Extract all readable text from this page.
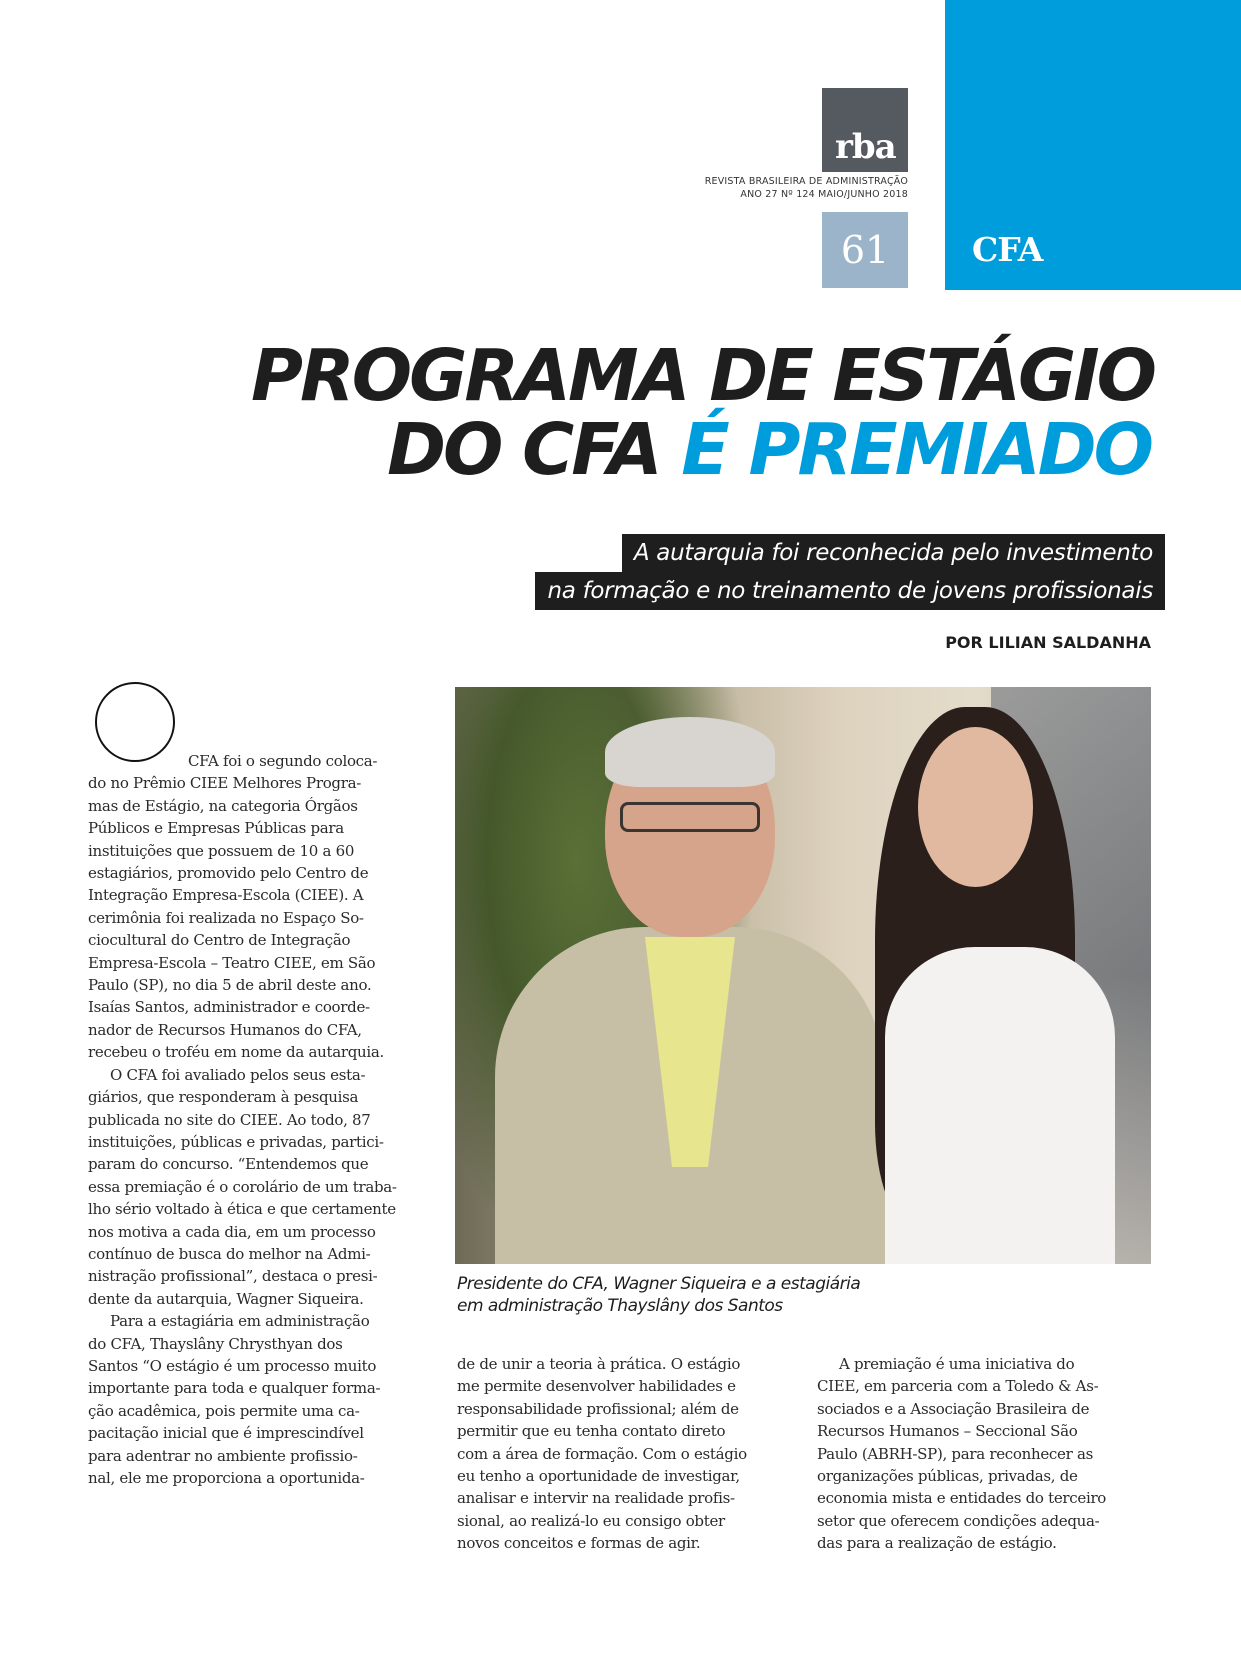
CFA
rba
REVISTA BRASILEIRA DE ADMINISTRAÇÃO
ANO 27 Nº 124 MAIO/JUNHO 2018
61
PROGRAMA DE ESTÁGIO
DO CFA É PREMIADO
A autarquia foi reconhecida pelo investimento
na formação e no treinamento de jovens profissionais
POR LILIAN SALDANHA
Presidente do CFA, Wagner Siqueira e a estagiária
em administração Thayslâny dos Santos
CFA foi o segundo coloca-
do no Prêmio CIEE Melhores Progra-
mas de Estágio, na categoria Órgãos
Públicos e Empresas Públicas para
instituições que possuem de 10 a 60
estagiários, promovido pelo Centro de
Integração Empresa-Escola (CIEE). A
cerimônia foi realizada no Espaço So-
ciocultural do Centro de Integração
Empresa-Escola – Teatro CIEE, em São
Paulo (SP), no dia 5 de abril deste ano.
Isaías Santos, administrador e coorde-
nador de Recursos Humanos do CFA,
recebeu o troféu em nome da autarquia.
O CFA foi avaliado pelos seus esta-
giários, que responderam à pesquisa
publicada no site do CIEE. Ao todo, 87
instituições, públicas e privadas, partici-
param do concurso. “Entendemos que
essa premiação é o corolário de um traba-
lho sério voltado à ética e que certamente
nos motiva a cada dia, em um processo
contínuo de busca do melhor na Admi-
nistração profissional”, destaca o presi-
dente da autarquia, Wagner Siqueira.
Para a estagiária em administração
do CFA, Thayslâny Chrysthyan dos
Santos “O estágio é um processo muito
importante para toda e qualquer forma-
ção acadêmica, pois permite uma ca-
pacitação inicial que é imprescindível
para adentrar no ambiente profissio-
nal, ele me proporciona a oportunida-
de de unir a teoria à prática. O estágio
me permite desenvolver habilidades e
responsabilidade profissional; além de
permitir que eu tenha contato direto
com a área de formação. Com o estágio
eu tenho a oportunidade de investigar,
analisar e intervir na realidade profis-
sional, ao realizá-lo eu consigo obter
novos conceitos e formas de agir.
A premiação é uma iniciativa do
CIEE, em parceria com a Toledo & As-
sociados e a Associação Brasileira de
Recursos Humanos – Seccional São
Paulo (ABRH-SP), para reconhecer as
organizações públicas, privadas, de
economia mista e entidades do terceiro
setor que oferecem condições adequa-
das para a realização de estágio.
